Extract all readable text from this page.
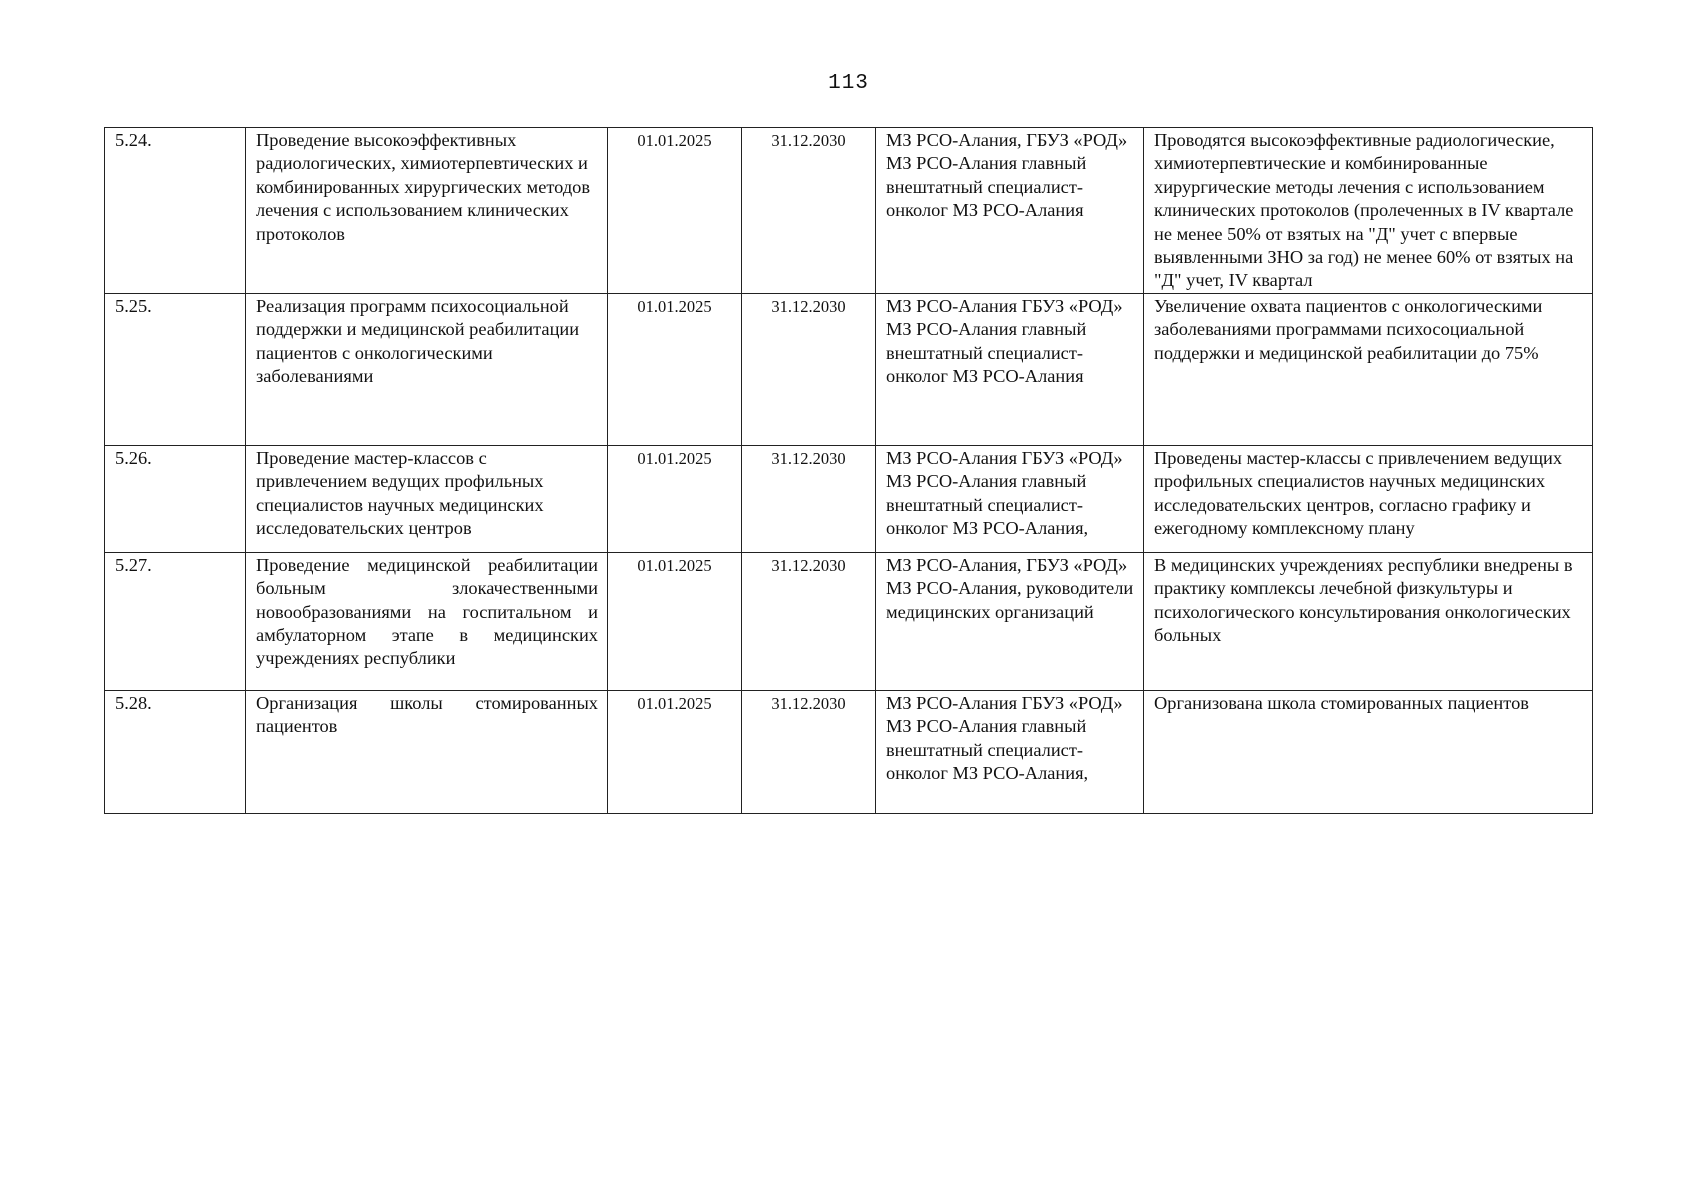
113
5.24.	Проведение высокоэффективных радиологических, химиотерпевтических и комбинированных хирургических методов лечения с использованием клинических протоколов	01.01.2025	31.12.2030	МЗ РСО-Алания, ГБУЗ «РОД» МЗ РСО-Алания главный внештатный специалист-онколог МЗ РСО-Алания	Проводятся высокоэффективные радиологические, химиотерпевтические и комбинированные хирургические методы лечения с использованием клинических протоколов (пролеченных в IV квартале не менее 50% от взятых на "Д" учет с впервые выявленными ЗНО за год) не менее 60% от взятых на "Д" учет, IV квартал
5.25.	Реализация программ психосоциальной поддержки и медицинской реабилитации пациентов с онкологическими заболеваниями	01.01.2025	31.12.2030	МЗ РСО-Алания ГБУЗ «РОД» МЗ РСО-Алания главный внештатный специалист-онколог МЗ РСО-Алания	Увеличение охвата пациентов с онкологическими заболеваниями программами психосоциальной поддержки и медицинской реабилитации до 75%
5.26.	Проведение мастер-классов с привлечением ведущих профильных специалистов научных медицинских исследовательских центров	01.01.2025	31.12.2030	МЗ РСО-Алания ГБУЗ «РОД» МЗ РСО-Алания главный внештатный специалист-онколог МЗ РСО-Алания,	Проведены мастер-классы с привлечением ведущих профильных специалистов научных медицинских исследовательских центров, согласно графику и ежегодному комплексному плану
5.27.	Проведение медицинской реабилитации больным злокачественными новообразованиями на госпитальном и амбулаторном этапе в медицинских учреждениях республики	01.01.2025	31.12.2030	МЗ РСО-Алания, ГБУЗ «РОД» МЗ РСО-Алания, руководители медицинских организаций	В медицинских учреждениях республики внедрены в практику комплексы лечебной физкультуры и психологического консультирования онкологических больных
5.28.	Организация школы стомированных пациентов	01.01.2025	31.12.2030	МЗ РСО-Алания ГБУЗ «РОД» МЗ РСО-Алания главный внештатный специалист-онколог МЗ РСО-Алания,	Организована школа стомированных пациентов
